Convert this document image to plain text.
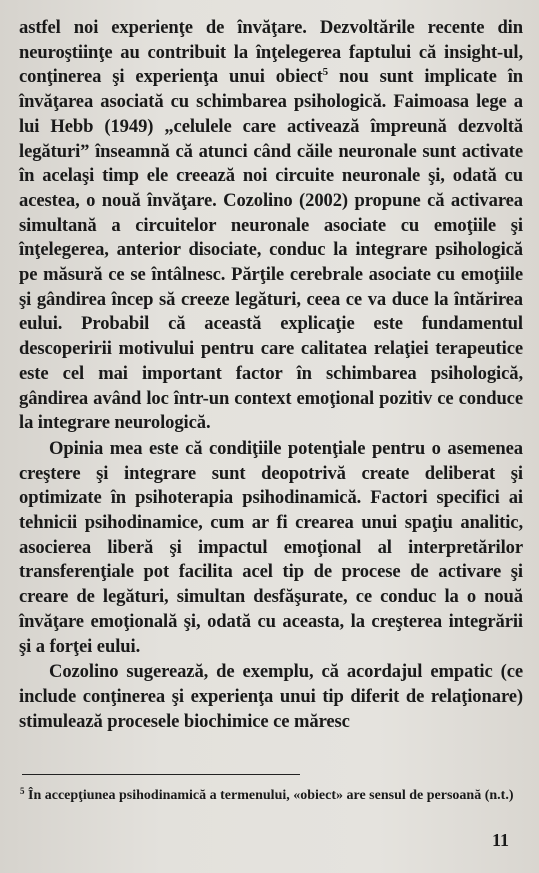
astfel noi experienţe de învăţare. Dezvoltările recente din neuroştiinţe au contribuit la înţelegerea faptului că insight-ul, conţinerea şi experienţa unui obiect$^5$ nou sunt implicate în învăţarea asociată cu schimbarea psihologică. Faimoasa lege a lui Hebb (1949) „celulele care activează împreună dezvoltă legături” înseamnă că atunci când căile neuronale sunt activate în acelaşi timp ele creează noi circuite neuronale şi, odată cu acestea, o nouă învăţare. Cozolino (2002) propune că activarea simultană a circuitelor neuronale asociate cu emoţiile şi înţelegerea, anterior disociate, conduc la integrare psihologică pe măsură ce se întâlnesc. Părţile cerebrale asociate cu emoţiile şi gândirea încep să creeze legături, ceea ce va duce la întărirea eului. Probabil că această explicaţie este fundamentul descoperirii motivului pentru care calitatea relaţiei terapeutice este cel mai important factor în schimbarea psihologică, gândirea având loc într-un context emoţional pozitiv ce conduce la integrare neurologică.

Opinia mea este că condiţiile potenţiale pentru o asemenea creştere şi integrare sunt deopotrivă create deliberat şi optimizate în psihoterapia psihodinamică. Factori specifici ai tehnicii psihodinamice, cum ar fi crearea unui spaţiu analitic, asocierea liberă şi impactul emoţional al interpretărilor transferenţiale pot facilita acel tip de procese de activare şi creare de legături, simultan desfăşurate, ce conduc la o nouă învăţare emoţională şi, odată cu aceasta, la creşterea integrării şi a forţei eului.

Cozolino sugerează, de exemplu, că acordajul empatic (ce include conţinerea şi experienţa unui tip diferit de relaţionare) stimulează procesele biochimice ce măresc

$^5$ În accepţiunea psihodinamică a termenului, «obiect» are sensul de persoană (n.t.)
11
